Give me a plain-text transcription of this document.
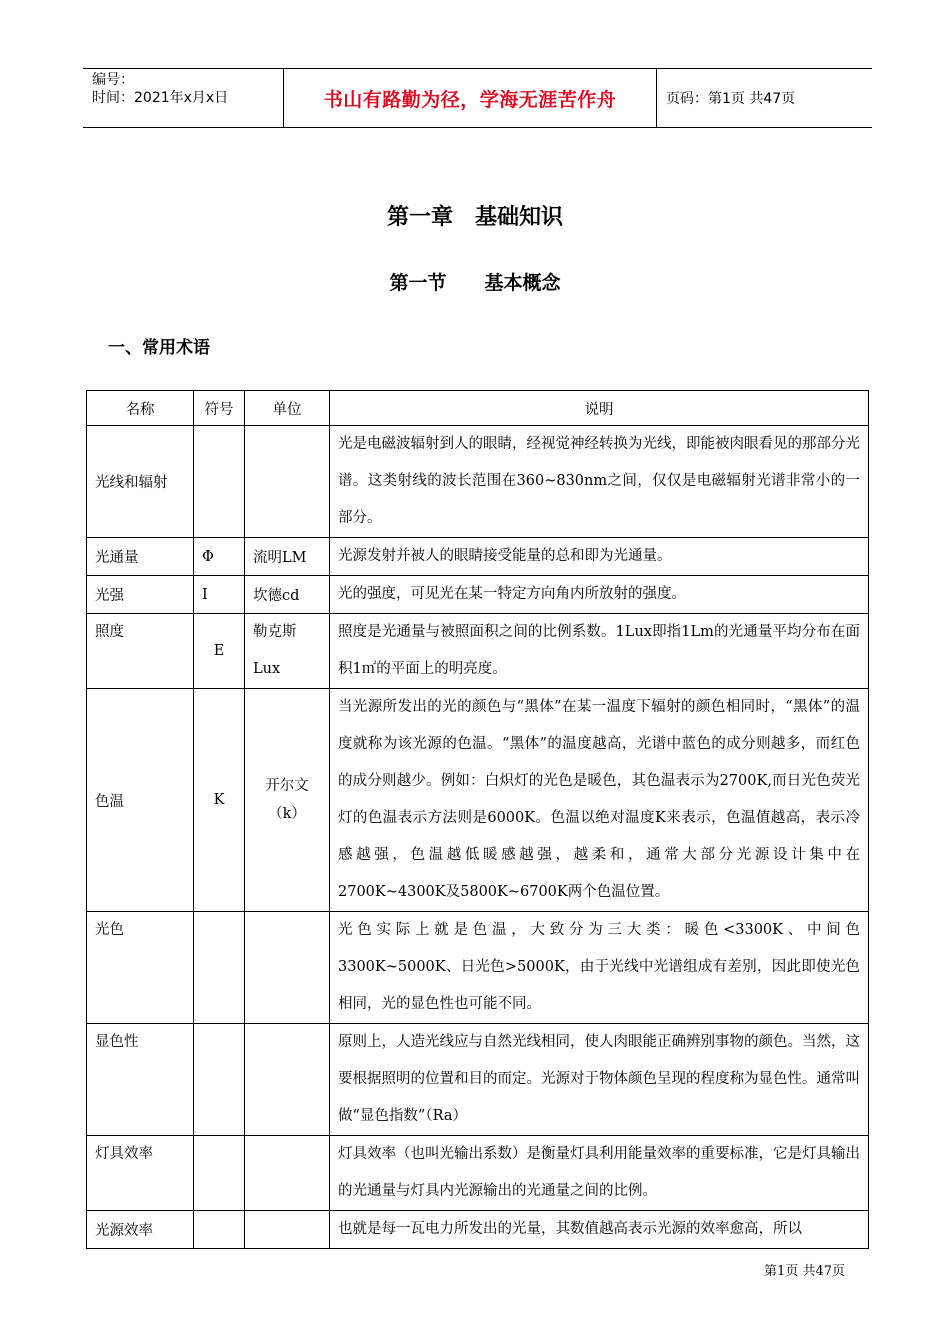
编号：
时间：2021年x月x日	书山有路勤为径，学海无涯苦作舟	页码：第1页 共47页
第一章　基础知识
第一节　　基本概念
一、常用术语
名称	符号	单位	说明
光线和辐射			光是电磁波辐射到人的眼睛，经视觉神经转换为光线，即能被肉眼看见的那部分光谱。这类射线的波长范围在360~830nm之间，仅仅是电磁辐射光谱非常小的一部分。
光通量	Φ	流明LM	光源发射并被人的眼睛接受能量的总和即为光通量。
光强	I	坎德cd	光的强度，可见光在某一特定方向角内所放射的强度。
照度	E	勒克斯Lux	照度是光通量与被照面积之间的比例系数。1Lux即指1Lm的光通量平均分布在面积1㎡的平面上的明亮度。
色温	K	开尔文（k）	当光源所发出的光的颜色与“黑体”在某一温度下辐射的颜色相同时，“黑体”的温度就称为该光源的色温。“黑体”的温度越高，光谱中蓝色的成分则越多，而红色的成分则越少。例如：白炽灯的光色是暖色，其色温表示为2700K,而日光色荧光灯的色温表示方法则是6000K。色温以绝对温度K来表示，色温值越高，表示冷感越强，色温越低暖感越强，越柔和，通常大部分光源设计集中在2700K~4300K及5800K~6700K两个色温位置。
光色			光色实际上就是色温，大致分为三大类：暖色<3300K、中间色3300K~5000K、日光色>5000K，由于光线中光谱组成有差别，因此即使光色相同，光的显色性也可能不同。
显色性			原则上，人造光线应与自然光线相同，使人肉眼能正确辨别事物的颜色。当然，这要根据照明的位置和目的而定。光源对于物体颜色呈现的程度称为显色性。通常叫做“显色指数”（Ra）
灯具效率			灯具效率（也叫光输出系数）是衡量灯具利用能量效率的重要标准，它是灯具输出的光通量与灯具内光源输出的光通量之间的比例。
光源效率			也就是每一瓦电力所发出的光量，其数值越高表示光源的效率愈高，所以
第1页 共47页
